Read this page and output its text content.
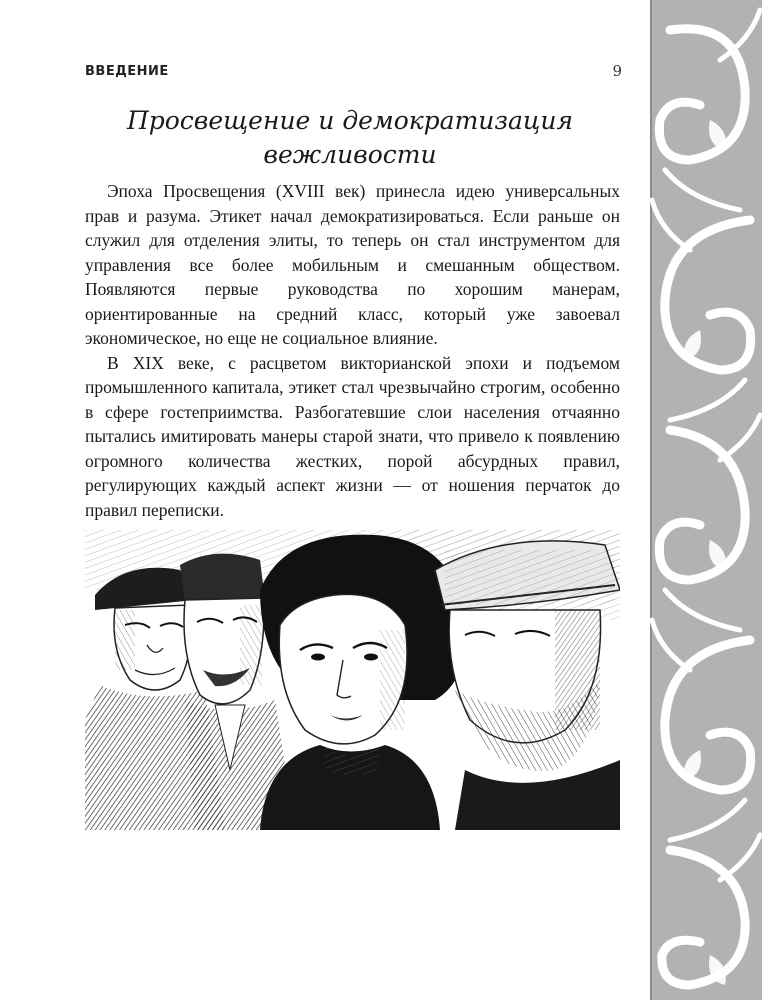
ВВЕДЕНИЕ	9
Просвещение и демократизация
вежливости

Эпоха Просвещения (XVIII век) принесла идею универсальных прав и разума. Этикет начал демократизироваться. Если раньше он служил для отделения элиты, то теперь он стал инструментом для управления все более мобильным и смешанным обществом. Появляются первые руководства по хорошим манерам, ориентированные на средний класс, который уже завоевал экономическое, но еще не социальное влияние.

В XIX веке, с расцветом викторианской эпохи и подъемом промышленного капитала, этикет стал чрезвычайно строгим, особенно в сфере гостеприимства. Разбогатевшие слои населения отчаянно пытались имитировать манеры старой знати, что привело к появлению огромного количества жестких, порой абсурдных правил, регулирующих каждый аспект жизни — от ношения перчаток до правил переписки.
